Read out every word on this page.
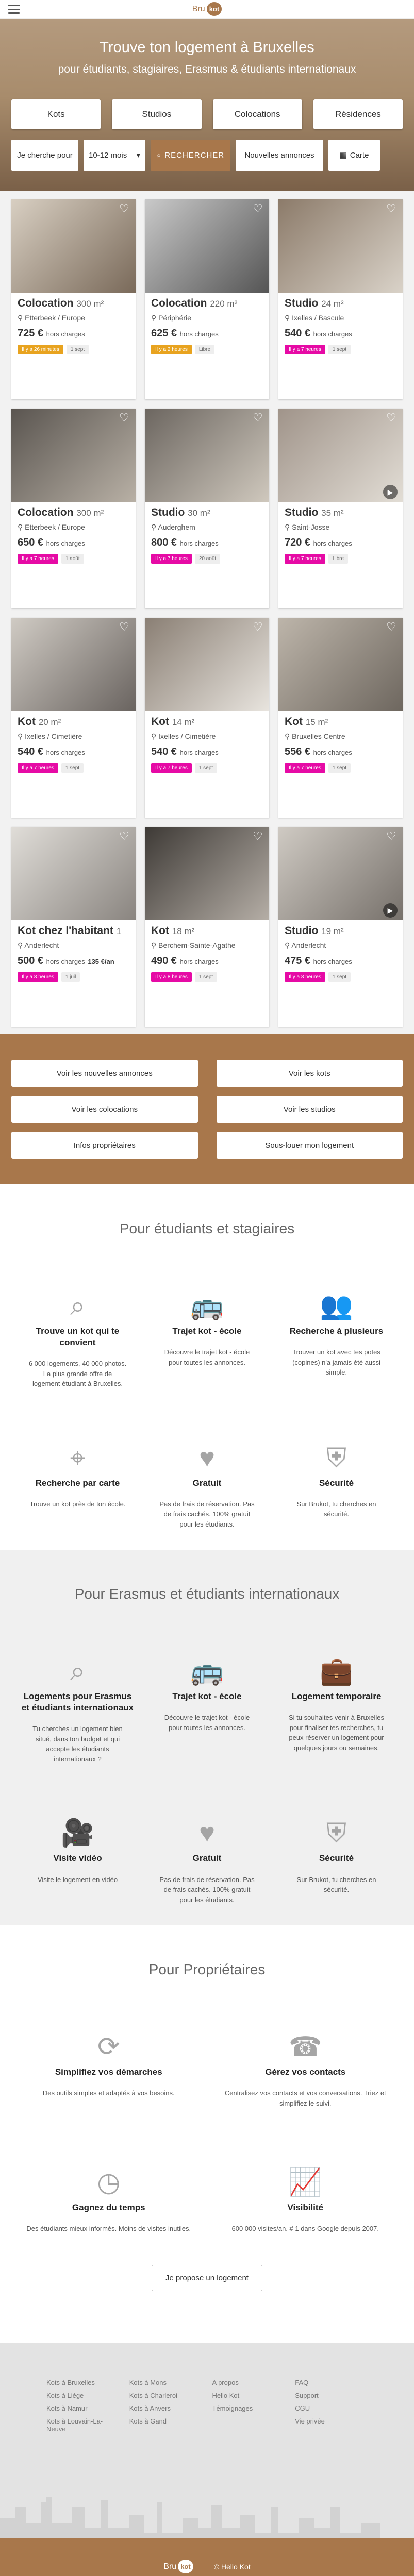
Bru kot
Trouve ton logement à Bruxelles
pour étudiants, stagiaires, Erasmus & étudiants internationaux
Kots	Studios	Colocations	Résidences
Je cherche pour	10-12 mois ▾ ⌕ RECHERCHER	Nouvelles annonces	▦ Carte
♡
Colocation 300 m²
⚲ Etterbeek / Europe
725 € hors charges
Il y a 26 minutes	1 sept
♡
Colocation 220 m²
⚲ Périphérie
625 € hors charges
Il y a 2 heures	Libre
♡
Studio 24 m²
⚲ Ixelles / Bascule
540 € hors charges
Il y a 7 heures	1 sept
♡
Colocation 300 m²
⚲ Etterbeek / Europe
650 € hors charges
Il y a 7 heures	1 août
♡
Studio 30 m²
⚲ Auderghem
800 € hors charges
Il y a 7 heures	20 août
♡
▶
Studio 35 m²
⚲ Saint-Josse
720 € hors charges
Il y a 7 heures	Libre
♡
Kot 20 m²
⚲ Ixelles / Cimetière
540 € hors charges
Il y a 7 heures	1 sept
♡
Kot 14 m²
⚲ Ixelles / Cimetière
540 € hors charges
Il y a 7 heures	1 sept
♡
Kot 15 m²
⚲ Bruxelles Centre
556 € hors charges
Il y a 7 heures	1 sept
♡
Kot chez l'habitant 1
⚲ Anderlecht
500 € hors charges 135 €/an
Il y a 8 heures	1 juil
♡
Kot 18 m²
⚲ Berchem-Sainte-Agathe
490 € hors charges
Il y a 8 heures	1 sept
♡
▶
Studio 19 m²
⚲ Anderlecht
475 € hors charges
Il y a 8 heures	1 sept
Voir les nouvelles annonces	Voir les kots
Voir les colocations	Voir les studios
Infos propriétaires	Sous-louer mon logement
Pour étudiants et stagiaires
⌕
Trouve un kot qui te convient

6 000 logements, 40 000 photos. La plus grande offre de logement étudiant à Bruxelles.

🚌
Trajet kot - école

Découvre le trajet kot - école pour toutes les annonces.

👥
Recherche à plusieurs

Trouver un kot avec tes potes (copines) n'a jamais été aussi simple.

⌖
Recherche par carte

Trouve un kot près de ton école.

♥
Gratuit

Pas de frais de réservation. Pas de frais cachés. 100% gratuit pour les étudiants.

⛨
Sécurité

Sur Brukot, tu cherches en sécurité.

Pour Erasmus et étudiants internationaux
⌕
Logements pour Erasmus et étudiants internationaux

Tu cherches un logement bien situé, dans ton budget et qui accepte les étudiants internationaux ?

🚌
Trajet kot - école

Découvre le trajet kot - école pour toutes les annonces.

💼
Logement temporaire

Si tu souhaites venir à Bruxelles pour finaliser tes recherches, tu peux réserver un logement pour quelques jours ou semaines.

🎥
Visite vidéo

Visite le logement en vidéo

♥
Gratuit

Pas de frais de réservation. Pas de frais cachés. 100% gratuit pour les étudiants.

⛨
Sécurité

Sur Brukot, tu cherches en sécurité.

Pour Propriétaires
⟳
Simplifiez vos démarches

Des outils simples et adaptés à vos besoins.

☎
Gérez vos contacts

Centralisez vos contacts et vos conversations. Triez et simplifiez le suivi.

◷
Gagnez du temps

Des étudiants mieux informés. Moins de visites inutiles.

📈
Visibilité

600 000 visites/an. # 1 dans Google depuis 2007.

Je propose un logement
Kots à Bruxelles
Kots à Liège
Kots à Namur
Kots à Louvain-La-Neuve
Kots à Mons
Kots à Charleroi
Kots à Anvers
Kots à Gand
A propos
Hello Kot
Témoignages
FAQ
Support
CGU
Vie privée
Bru kot	© Hello Kot
